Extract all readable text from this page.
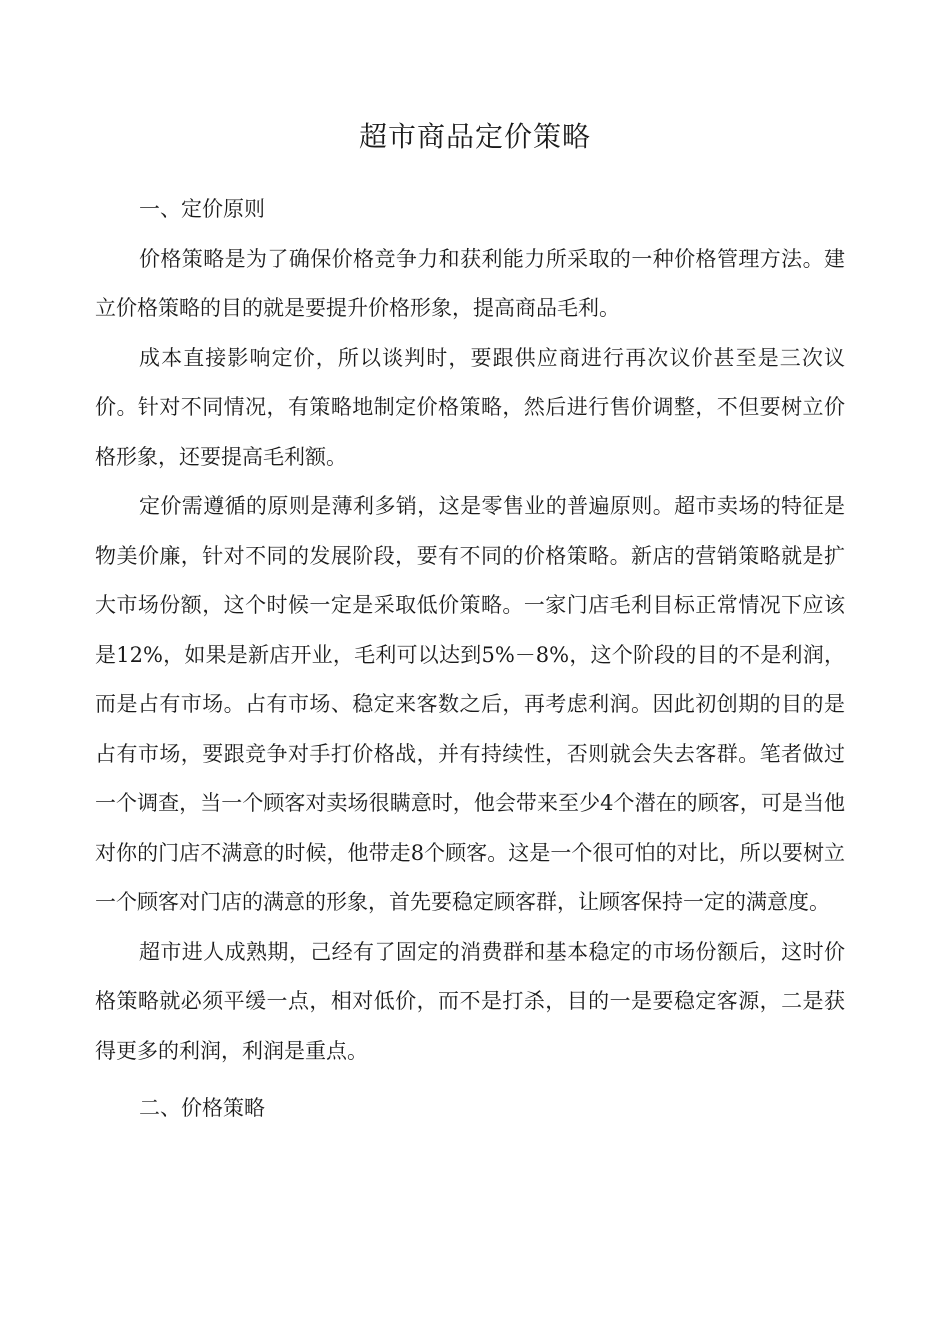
超市商品定价策略

一、定价原则

价格策略是为了确保价格竞争力和获利能力所采取的一种价格管理方法。建立价格策略的目的就是要提升价格形象，提高商品毛利。

成本直接影响定价，所以谈判时，要跟供应商进行再次议价甚至是三次议价。针对不同情况，有策略地制定价格策略，然后进行售价调整，不但要树立价格形象，还要提高毛利额。

定价需遵循的原则是薄利多销，这是零售业的普遍原则。超市卖场的特征是物美价廉，针对不同的发展阶段，要有不同的价格策略。新店的营销策略就是扩大市场份额，这个时候一定是采取低价策略。一家门店毛利目标正常情况下应该是12%，如果是新店开业，毛利可以达到5%－8%，这个阶段的目的不是利润，而是占有市场。占有市场、稳定来客数之后，再考虑利润。因此初创期的目的是占有市场，要跟竞争对手打价格战，并有持续性，否则就会失去客群。笔者做过一个调查，当一个顾客对卖场很瞒意时，他会带来至少4个潜在的顾客，可是当他对你的门店不满意的时候，他带走8个顾客。这是一个很可怕的对比，所以要树立一个顾客对门店的满意的形象，首先要稳定顾客群，让顾客保持一定的满意度。

超市进人成熟期，己经有了固定的消费群和基本稳定的市场份额后，这时价格策略就必须平缓一点，相对低价，而不是打杀，目的一是要稳定客源，二是获得更多的利润，利润是重点。

二、价格策略
